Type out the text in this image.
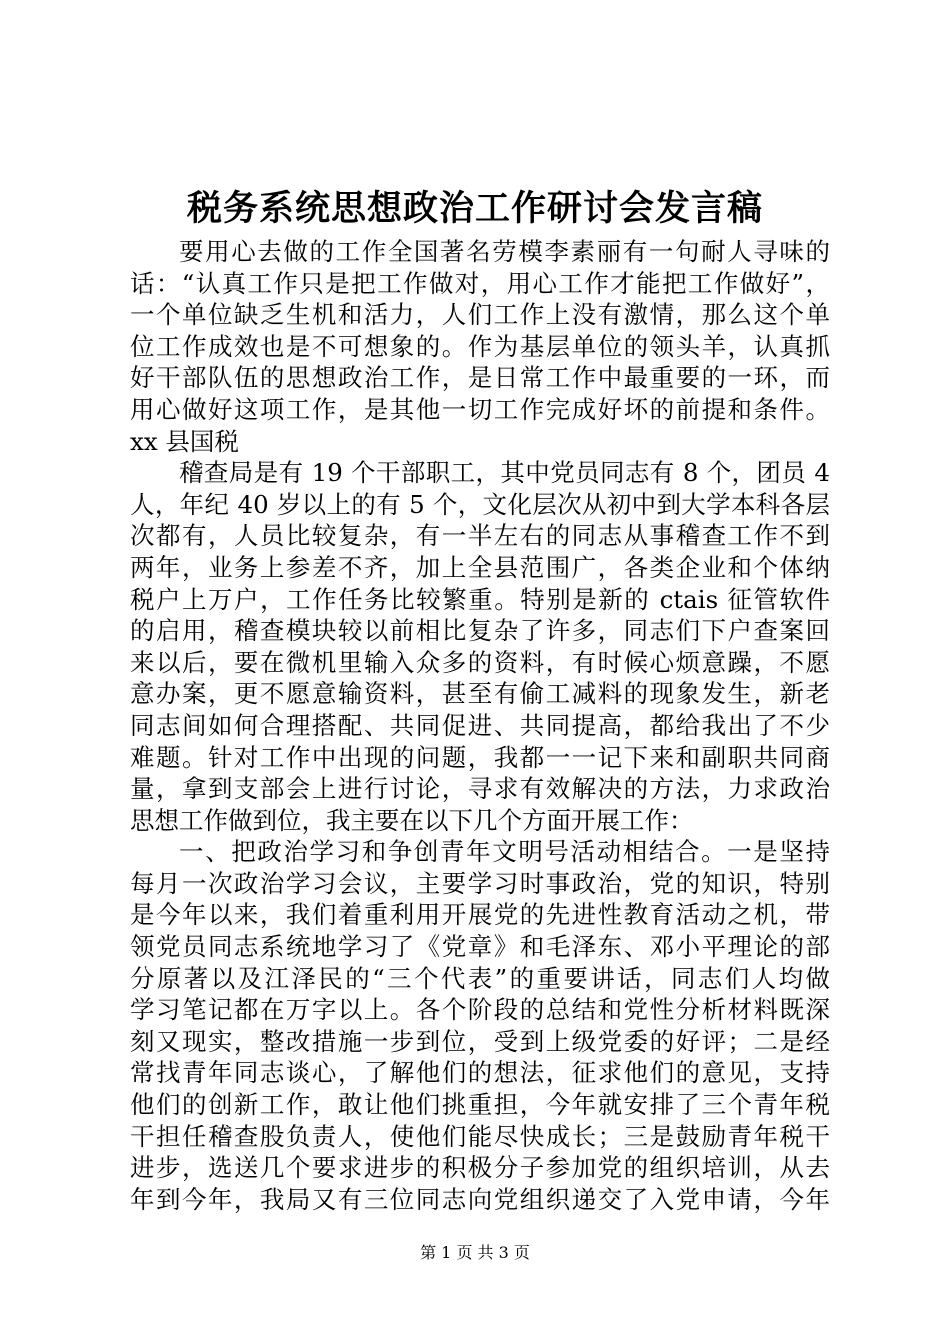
税务系统思想政治工作研讨会发言稿
要用心去做的工作全国著名劳模李素丽有一句耐人寻味的
话：“认真工作只是把工作做对，用心工作才能把工作做好”，
一个单位缺乏生机和活力，人们工作上没有激情，那么这个单
位工作成效也是不可想象的。作为基层单位的领头羊，认真抓
好干部队伍的思想政治工作，是日常工作中最重要的一环，而
用心做好这项工作，是其他一切工作完成好坏的前提和条件。
xx 县国税
稽查局是有 19 个干部职工，其中党员同志有 8 个，团员 4
人，年纪 40 岁以上的有 5 个，文化层次从初中到大学本科各层
次都有，人员比较复杂，有一半左右的同志从事稽查工作不到
两年，业务上参差不齐，加上全县范围广，各类企业和个体纳
税户上万户，工作任务比较繁重。特别是新的 ctais 征管软件
的启用，稽查模块较以前相比复杂了许多，同志们下户查案回
来以后，要在微机里输入众多的资料，有时候心烦意躁，不愿
意办案，更不愿意输资料，甚至有偷工减料的现象发生，新老
同志间如何合理搭配、共同促进、共同提高，都给我出了不少
难题。针对工作中出现的问题，我都一一记下来和副职共同商
量，拿到支部会上进行讨论，寻求有效解决的方法，力求政治
思想工作做到位，我主要在以下几个方面开展工作：
一、把政治学习和争创青年文明号活动相结合。一是坚持
每月一次政治学习会议，主要学习时事政治，党的知识，特别
是今年以来，我们着重利用开展党的先进性教育活动之机，带
领党员同志系统地学习了《党章》和毛泽东、邓小平理论的部
分原著以及江泽民的“三个代表”的重要讲话，同志们人均做
学习笔记都在万字以上。各个阶段的总结和党性分析材料既深
刻又现实，整改措施一步到位，受到上级党委的好评；二是经
常找青年同志谈心，了解他们的想法，征求他们的意见，支持
他们的创新工作，敢让他们挑重担，今年就安排了三个青年税
干担任稽查股负责人，使他们能尽快成长；三是鼓励青年税干
进步，选送几个要求进步的积极分子参加党的组织培训，从去
年到今年，我局又有三位同志向党组织递交了入党申请，今年
第 1 页 共 3 页
